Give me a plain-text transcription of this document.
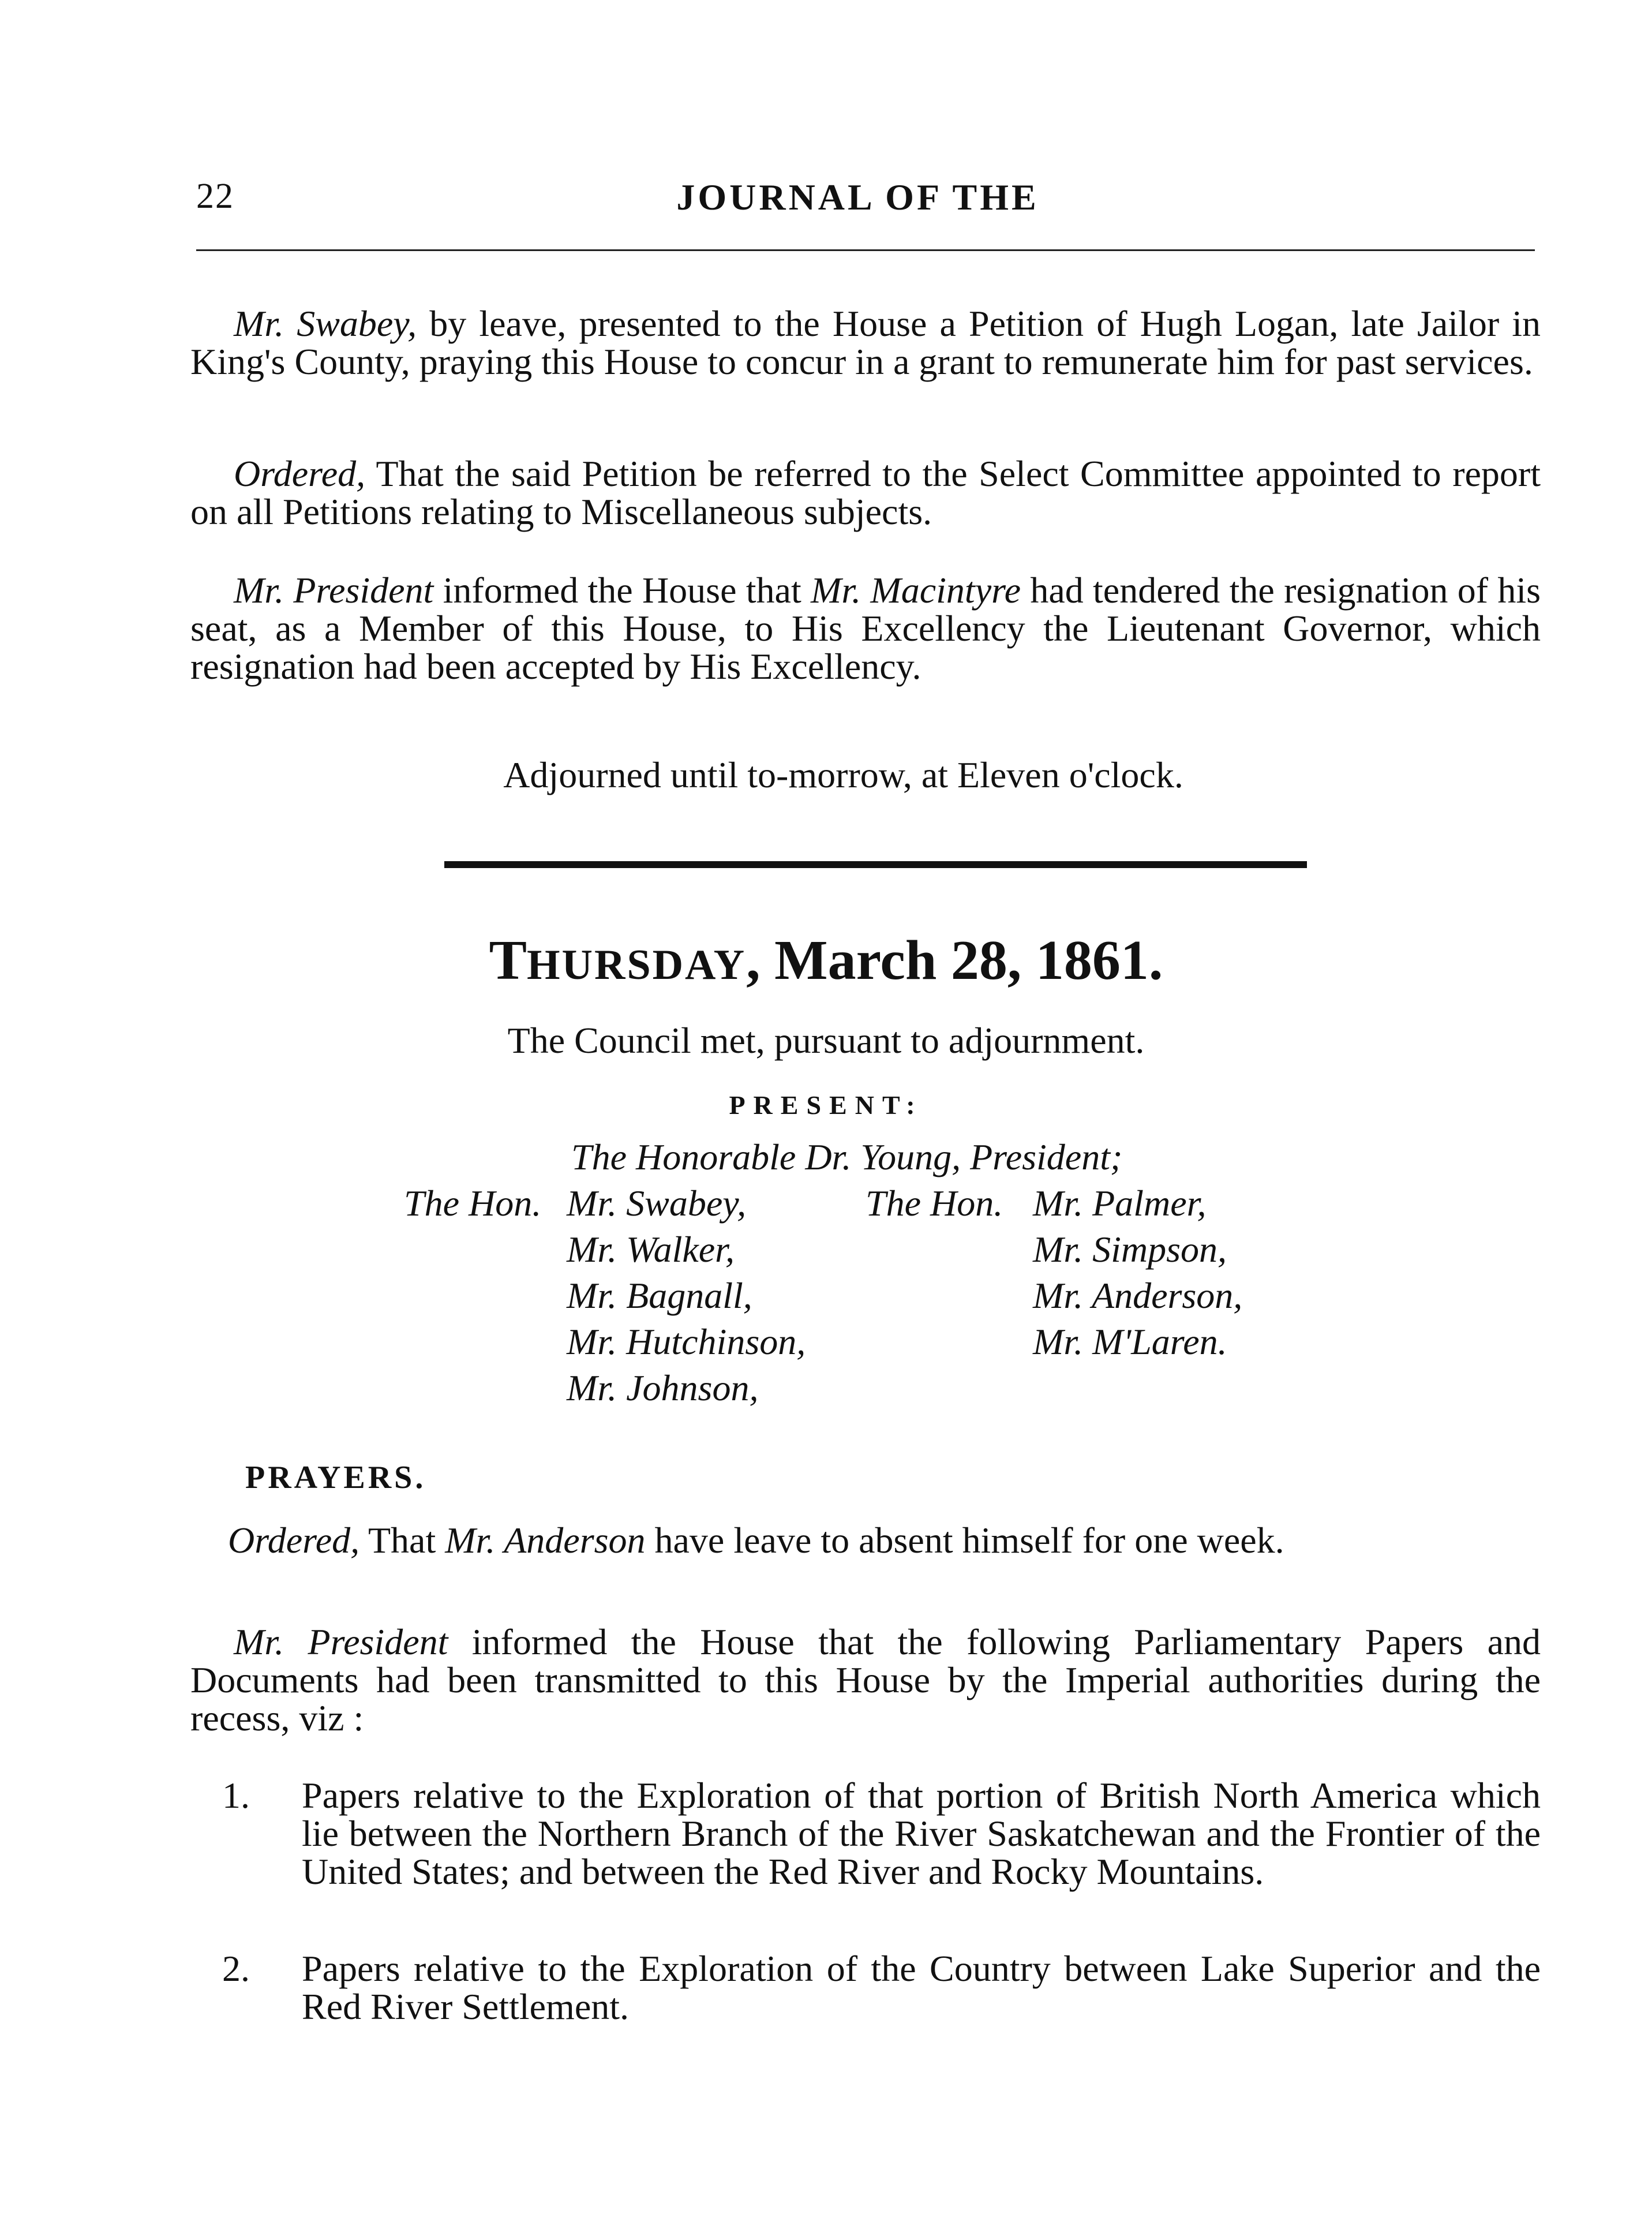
22	JOURNAL OF THE
Mr. Swabey, by leave, presented to the House a Petition of Hugh Logan, late Jailor in King's County, praying this House to concur in a grant to remunerate him for past services.
Ordered, That the said Petition be referred to the Select Committee appointed to report on all Petitions relating to Miscellaneous subjects.
Mr. President informed the House that Mr. Macintyre had tendered the resignation of his seat, as a Member of this House, to His Excellency the Lieutenant Governor, which resignation had been accepted by His Excellency.
Adjourned until to-morrow, at Eleven o'clock.
THURSDAY, March 28, 1861.
The Council met, pursuant to adjournment.
PRESENT:
The Honorable Dr. Young, President;
The Hon.	The Hon.
Mr. Swabey,
Mr. Walker,
Mr. Bagnall,
Mr. Hutchinson,
Mr. Johnson,
Mr. Palmer,
Mr. Simpson,
Mr. Anderson,
Mr. M'Laren.
PRAYERS.
Ordered, That Mr. Anderson have leave to absent himself for one week.
Mr. President informed the House that the following Parliamentary Papers and Documents had been transmitted to this House by the Imperial authorities during the recess, viz :
1. Papers relative to the Exploration of that portion of British North America which lie between the Northern Branch of the River Saskatchewan and the Frontier of the United States; and between the Red River and Rocky Mountains.
2. Papers relative to the Exploration of the Country between Lake Superior and the Red River Settlement.
